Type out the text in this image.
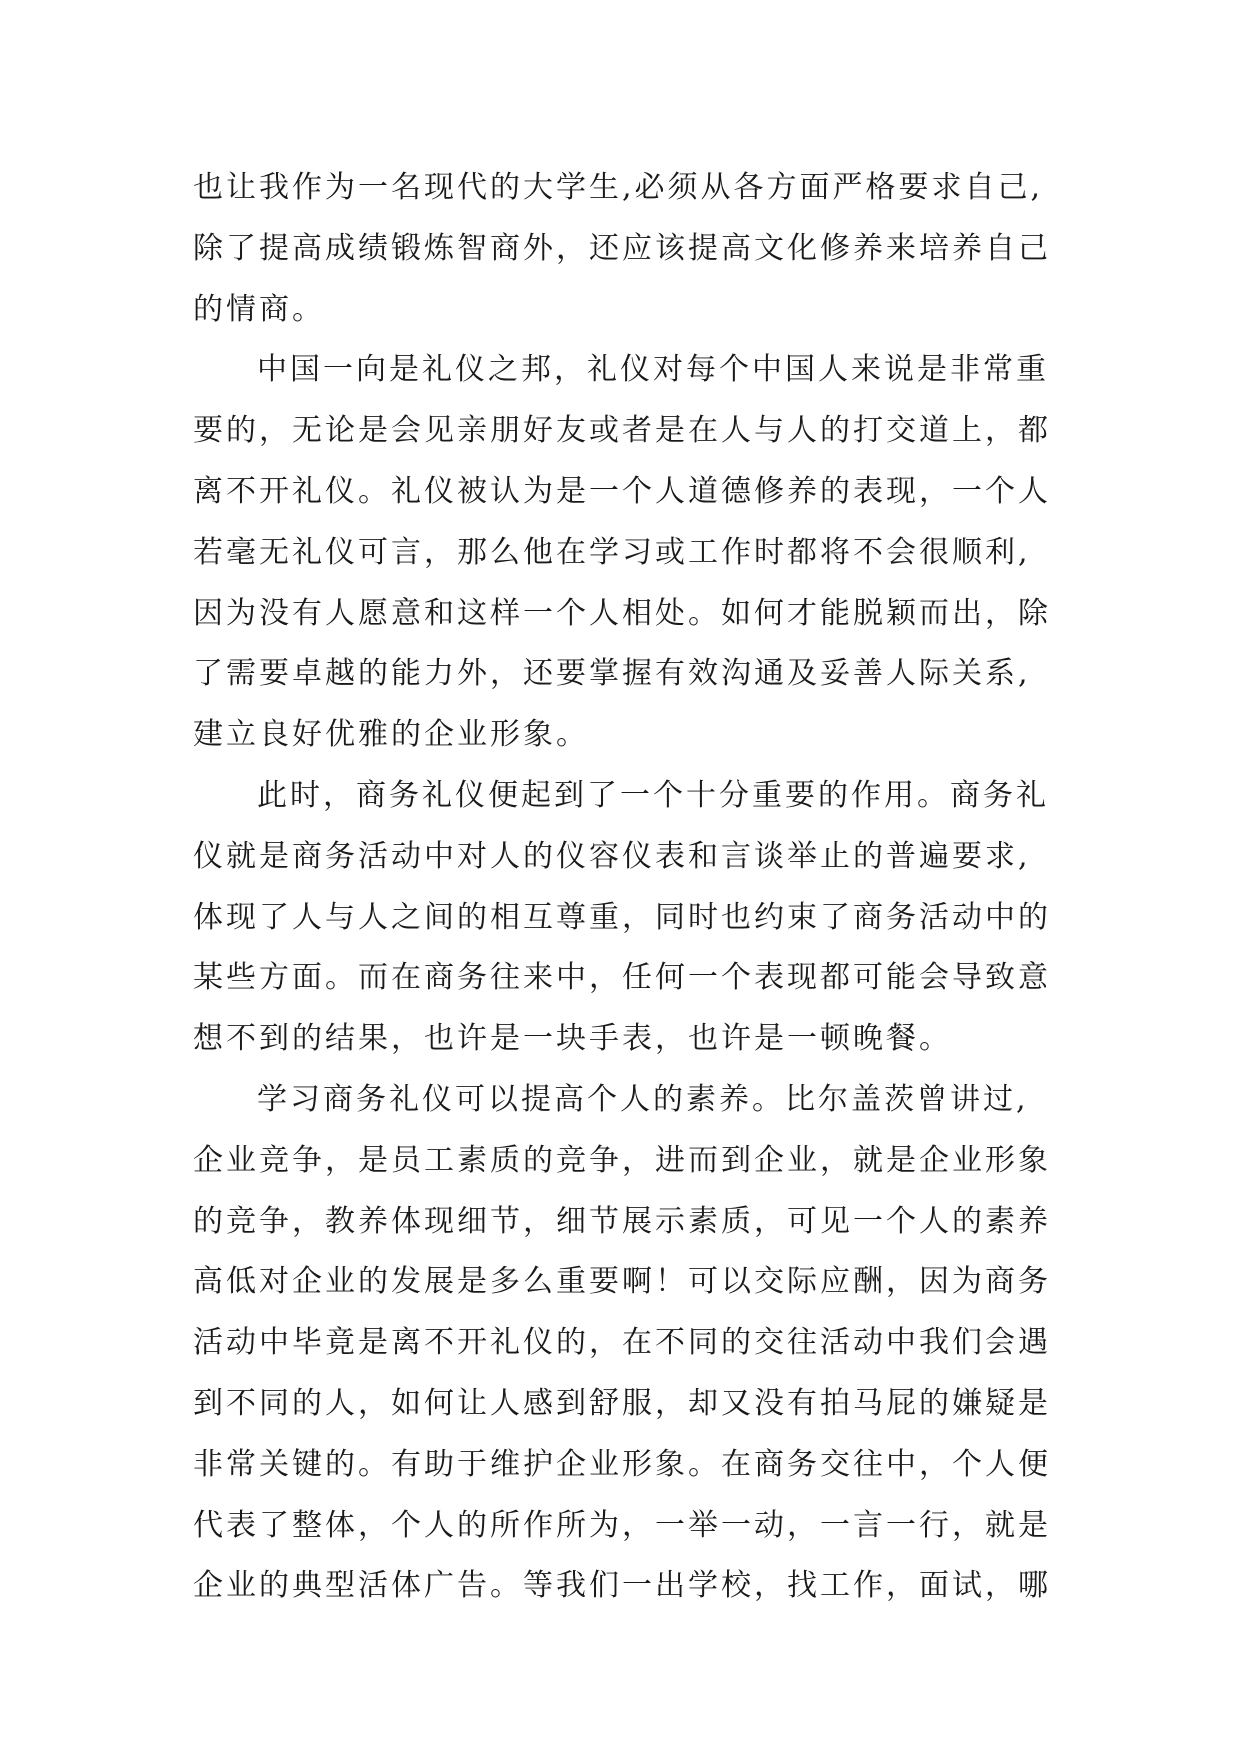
也让我作为一名现代的大学生,必须从各方面严格要求自己,
除了提高成绩锻炼智商外，还应该提高文化修养来培养自己
的情商。
中国一向是礼仪之邦，礼仪对每个中国人来说是非常重
要的，无论是会见亲朋好友或者是在人与人的打交道上，都
离不开礼仪。礼仪被认为是一个人道德修养的表现，一个人
若毫无礼仪可言，那么他在学习或工作时都将不会很顺利,
因为没有人愿意和这样一个人相处。如何才能脱颖而出，除
了需要卓越的能力外，还要掌握有效沟通及妥善人际关系,
建立良好优雅的企业形象。
此时，商务礼仪便起到了一个十分重要的作用。商务礼
仪就是商务活动中对人的仪容仪表和言谈举止的普遍要求,
体现了人与人之间的相互尊重，同时也约束了商务活动中的
某些方面。而在商务往来中，任何一个表现都可能会导致意
想不到的结果，也许是一块手表，也许是一顿晚餐。
学习商务礼仪可以提高个人的素养。比尔盖茨曾讲过,
企业竞争，是员工素质的竞争，进而到企业，就是企业形象
的竞争，教养体现细节，细节展示素质，可见一个人的素养
高低对企业的发展是多么重要啊！可以交际应酬，因为商务
活动中毕竟是离不开礼仪的，在不同的交往活动中我们会遇
到不同的人，如何让人感到舒服，却又没有拍马屁的嫌疑是
非常关键的。有助于维护企业形象。在商务交往中，个人便
代表了整体，个人的所作所为，一举一动，一言一行，就是
企业的典型活体广告。等我们一出学校，找工作，面试，哪
